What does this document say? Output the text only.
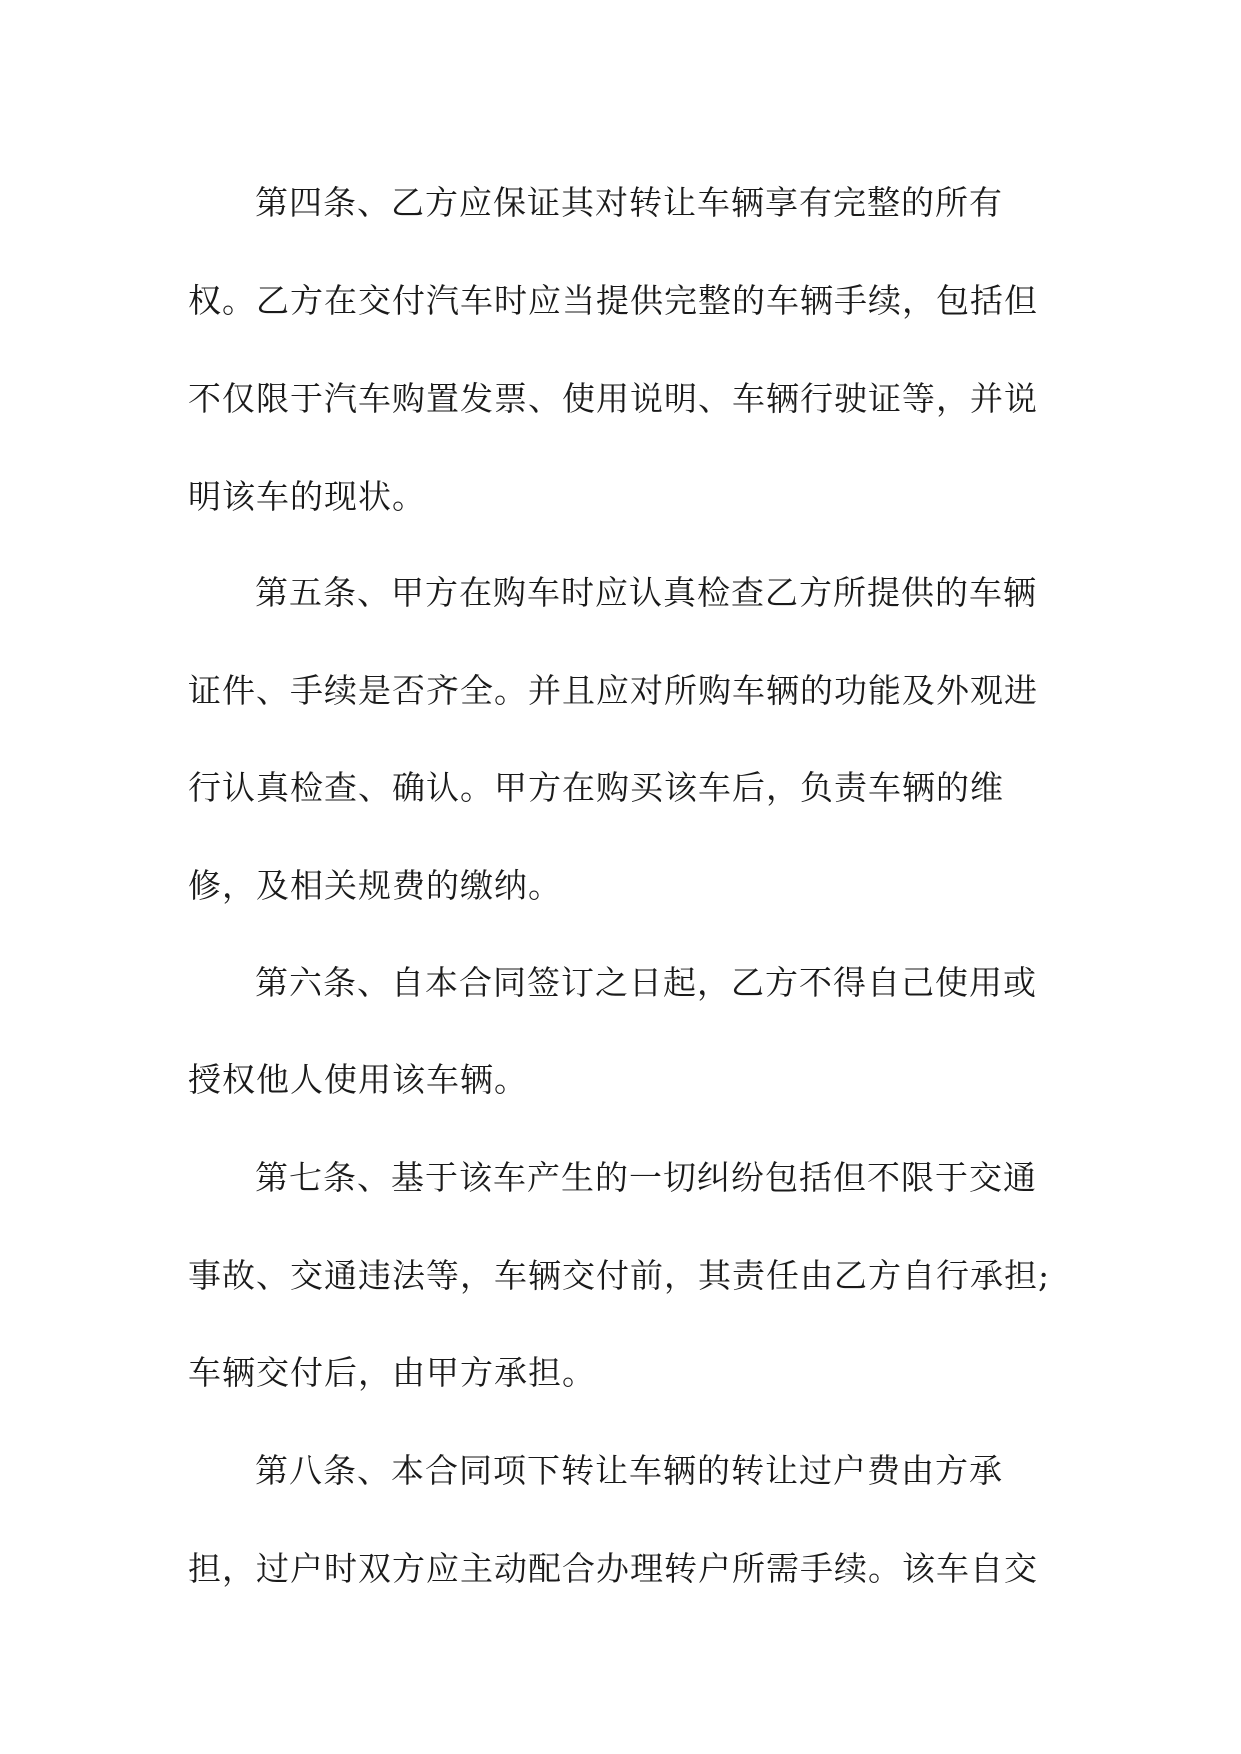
第四条、乙方应保证其对转让车辆享有完整的所有
权。乙方在交付汽车时应当提供完整的车辆手续，包括但
不仅限于汽车购置发票、使用说明、车辆行驶证等，并说
明该车的现状。
第五条、甲方在购车时应认真检查乙方所提供的车辆
证件、手续是否齐全。并且应对所购车辆的功能及外观进
行认真检查、确认。甲方在购买该车后，负责车辆的维
修，及相关规费的缴纳。
第六条、自本合同签订之日起，乙方不得自己使用或
授权他人使用该车辆。
第七条、基于该车产生的一切纠纷包括但不限于交通
事故、交通违法等，车辆交付前，其责任由乙方自行承担;
车辆交付后，由甲方承担。
第八条、本合同项下转让车辆的转让过户费由方承
担，过户时双方应主动配合办理转户所需手续。该车自交
